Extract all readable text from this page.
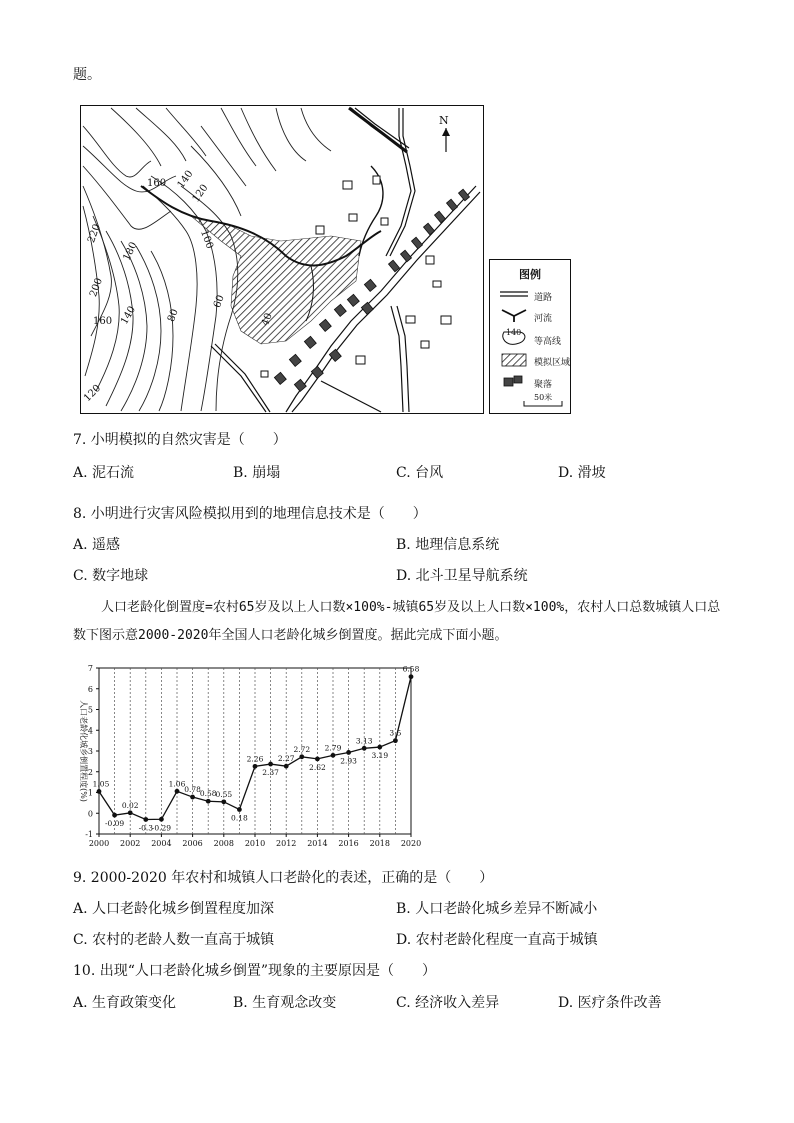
题。
N
160 140
120
220
180
100
200
160 140	80
60
40
120
图例
道路
河流
140
等高线
模拟区域
聚落
50米
7. 小明模拟的自然灾害是（　　）
A. 泥石流	B. 崩塌	C. 台风	D. 滑坡
8. 小明进行灾害风险模拟用到的地理信息技术是（　　）
A. 遥感	B. 地理信息系统
C. 数字地球	D. 北斗卫星导航系统
人口老龄化倒置度=农村65岁及以上人口数×100%-城镇65岁及以上人口数×100%，农村人口总数城镇人口总数下图示意2000-2020年全国人口老龄化城乡倒置度。据此完成下面小题。
-1
0
1
2
3
4
5
6
7
2000 2002 2004 2006 2008 2010 2012 2014 2016 2018 2020
人口老龄化城乡倒置程度(%) 1.05
-0.09
0.02
-0.3
-0.29
1.06
0.78
0.58
0.55
0.18
2.26
2.37
2.27
2.72
2.62
2.79
2.93
3.13
3.19
3.5
6.58
9. 2000-2020 年农村和城镇人口老龄化的表述，正确的是（　　）
A. 人口老龄化城乡倒置程度加深	B. 人口老龄化城乡差异不断减小
C. 农村的老龄人数一直高于城镇	D. 农村老龄化程度一直高于城镇
10. 出现“人口老龄化城乡倒置”现象的主要原因是（　　）
A. 生育政策变化	B. 生育观念改变	C. 经济收入差异	D. 医疗条件改善
